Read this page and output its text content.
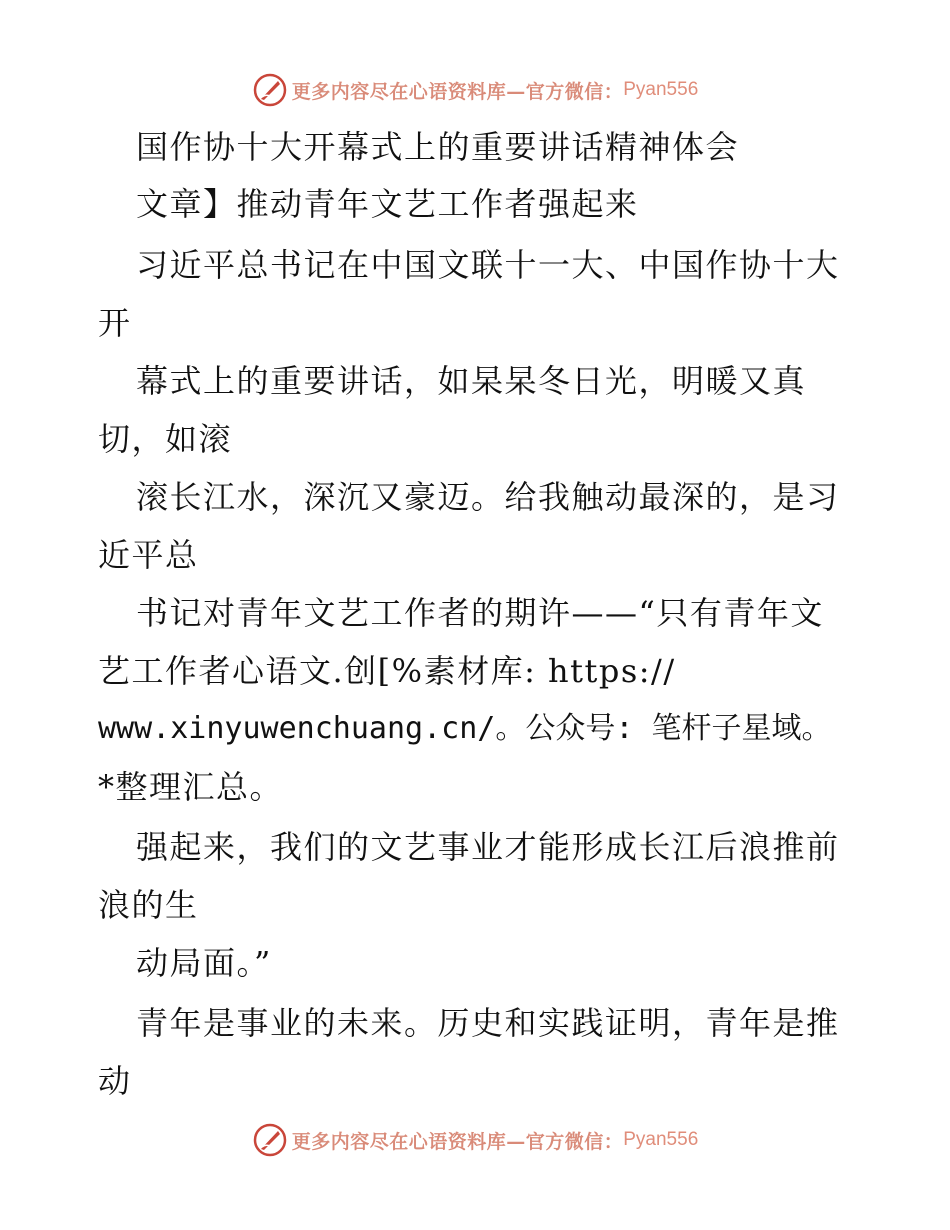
更多内容尽在心语资料库—官方微信： Pyan556
国作协十大开幕式上的重要讲话精神体会
文章】推动青年文艺工作者强起来
习近平总书记在中国文联十一大、中国作协十大
开
幕式上的重要讲话，如杲杲冬日光，明暖又真
切，如滚
滚长江水，深沉又豪迈。给我触动最深的，是习
近平总
书记对青年文艺工作者的期许——“只有青年文
艺工作者心语文.创[%素材库: https://
www.xinyuwenchuang.cn/。公众号: 笔杆子星域。
*整理汇总。
强起来，我们的文艺事业才能形成长江后浪推前
浪的生
动局面。”
青年是事业的未来。历史和实践证明，青年是推
动
更多内容尽在心语资料库—官方微信： Pyan556
